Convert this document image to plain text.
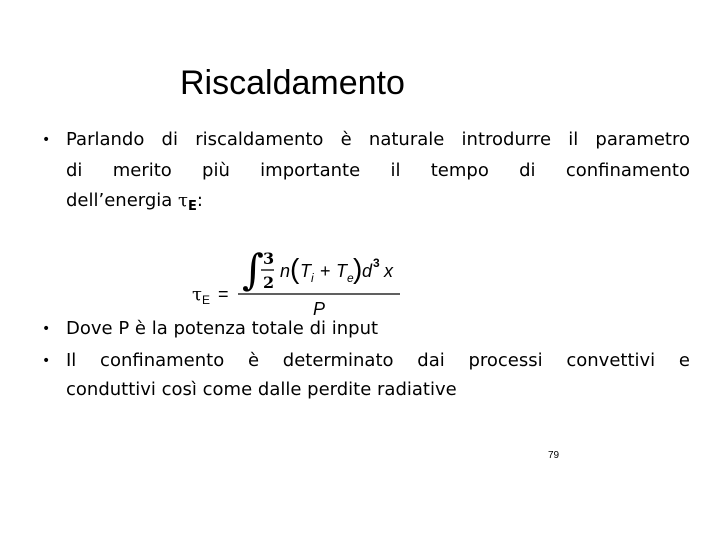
Riscaldamento
• Parlando di riscaldamento è naturale introdurre il parametro
di merito più importante il tempo di confinamento
dell’energia $\tau_E$:
τ E = ∫ 3
2
n ( T i + T e ) d 3 x
P
• Dove P è la potenza totale di input
• Il confinamento è determinato dai processi convettivi e
conduttivi così come dalle perdite radiative
79
